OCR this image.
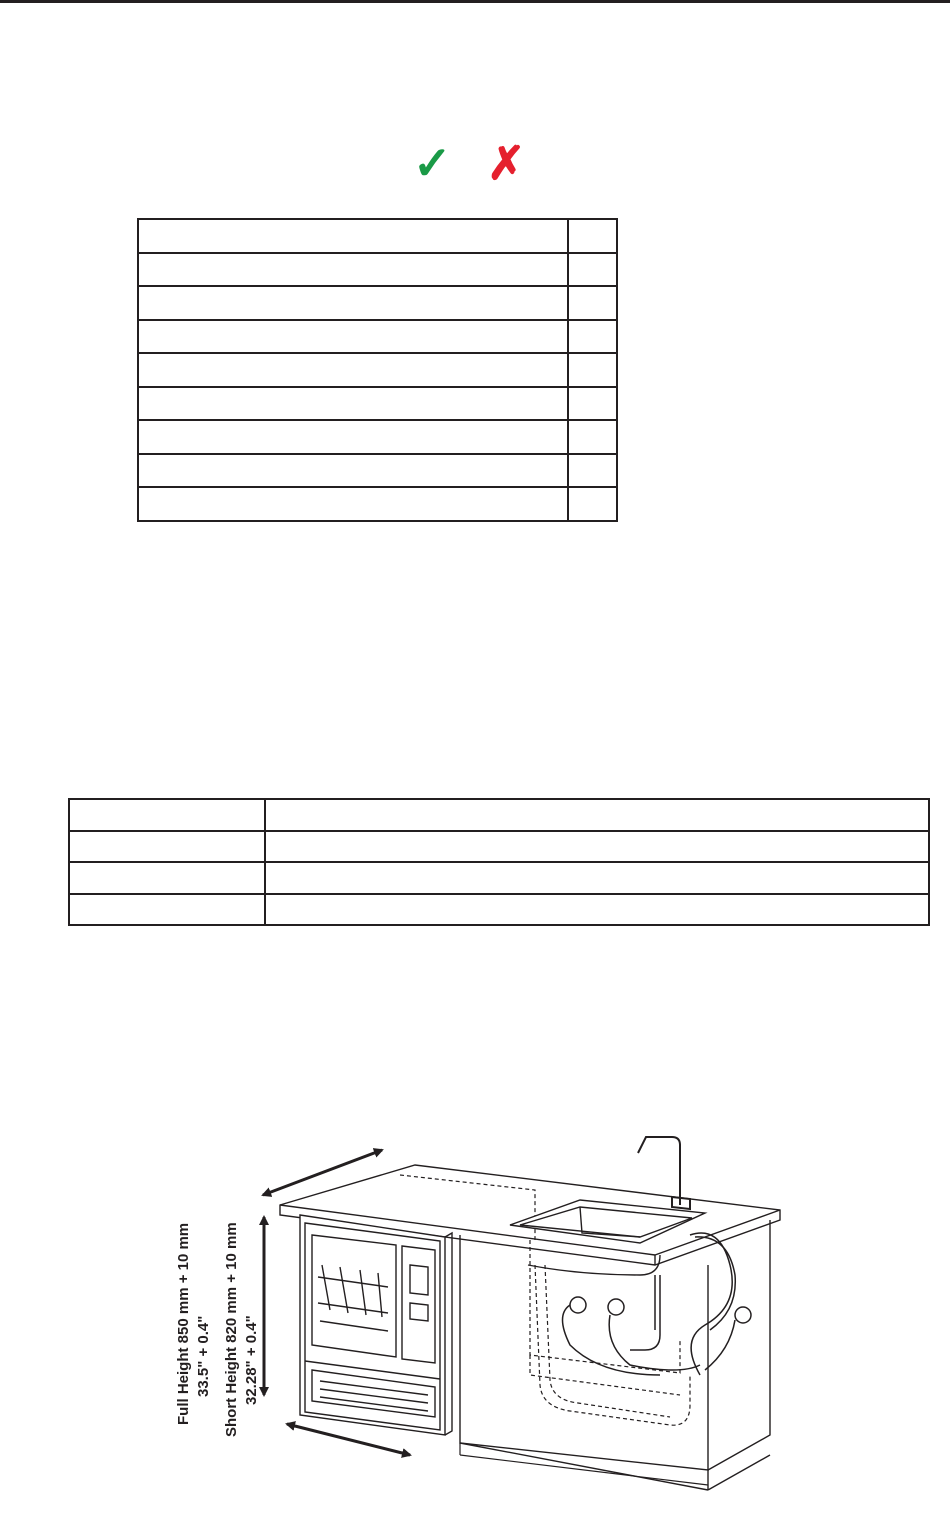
✓ ✗

Full Height 850 mm + 10 mm 33.5" + 0.4" Short Height 820 mm + 10 mm 32.28" + 0.4"
